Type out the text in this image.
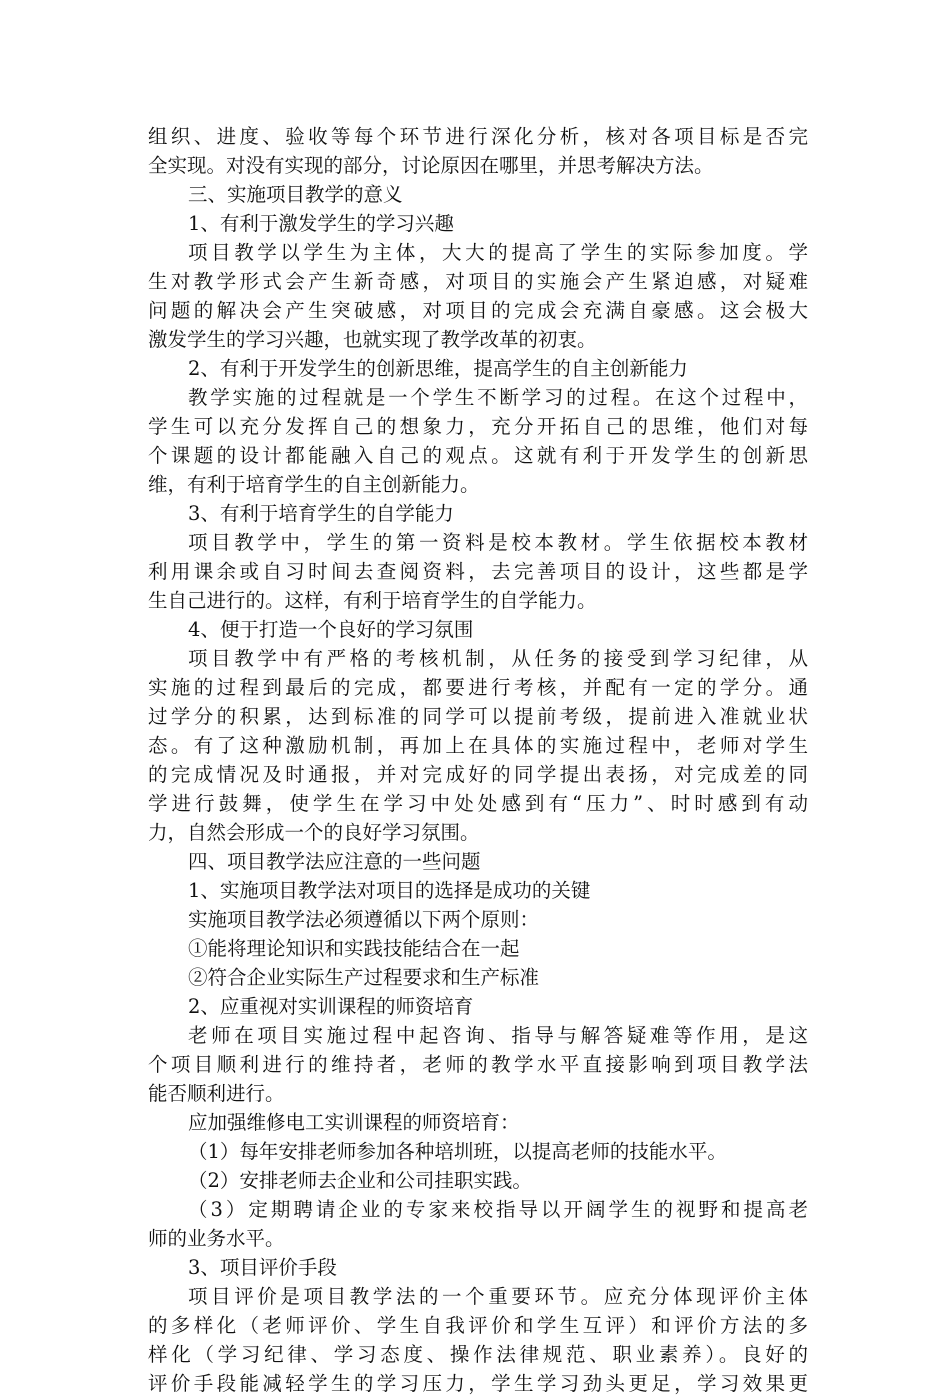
组织、进度、验收等每个环节进行深化分析，核对各项目标是否完
全实现。对没有实现的部分，讨论原因在哪里，并思考解决方法。
三、实施项目教学的意义
1、有利于激发学生的学习兴趣
项目教学以学生为主体，大大的提高了学生的实际参加度。学
生对教学形式会产生新奇感，对项目的实施会产生紧迫感，对疑难
问题的解决会产生突破感，对项目的完成会充满自豪感。这会极大
激发学生的学习兴趣，也就实现了教学改革的初衷。
2、有利于开发学生的创新思维，提高学生的自主创新能力
教学实施的过程就是一个学生不断学习的过程。在这个过程中，
学生可以充分发挥自己的想象力，充分开拓自己的思维，他们对每
个课题的设计都能融入自己的观点。这就有利于开发学生的创新思
维，有利于培育学生的自主创新能力。
3、有利于培育学生的自学能力
项目教学中，学生的第一资料是校本教材。学生依据校本教材
利用课余或自习时间去查阅资料，去完善项目的设计，这些都是学
生自己进行的。这样，有利于培育学生的自学能力。
4、便于打造一个良好的学习氛围
项目教学中有严格的考核机制，从任务的接受到学习纪律，从
实施的过程到最后的完成，都要进行考核，并配有一定的学分。通
过学分的积累，达到标准的同学可以提前考级，提前进入准就业状
态。有了这种激励机制，再加上在具体的实施过程中，老师对学生
的完成情况及时通报，并对完成好的同学提出表扬，对完成差的同
学进行鼓舞，使学生在学习中处处感到有“压力”、时时感到有动
力，自然会形成一个的良好学习氛围。
四、项目教学法应注意的一些问题
1、实施项目教学法对项目的选择是成功的关键
实施项目教学法必须遵循以下两个原则：
①能将理论知识和实践技能结合在一起
②符合企业实际生产过程要求和生产标准
2、应重视对实训课程的师资培育
老师在项目实施过程中起咨询、指导与解答疑难等作用，是这
个项目顺利进行的维持者，老师的教学水平直接影响到项目教学法
能否顺利进行。
应加强维修电工实训课程的师资培育：
（1）每年安排老师参加各种培圳班，以提高老师的技能水平。
（2）安排老师去企业和公司挂职实践。
（3）定期聘请企业的专家来校指导以开阔学生的视野和提高老
师的业务水平。
3、项目评价手段
项目评价是项目教学法的一个重要环节。应充分体现评价主体
的多样化（老师评价、学生自我评价和学生互评）和评价方法的多
样化（学习纪律、学习态度、操作法律规范、职业素养）。良好的
评价手段能减轻学生的学习压力，学生学习劲头更足，学习效果更
